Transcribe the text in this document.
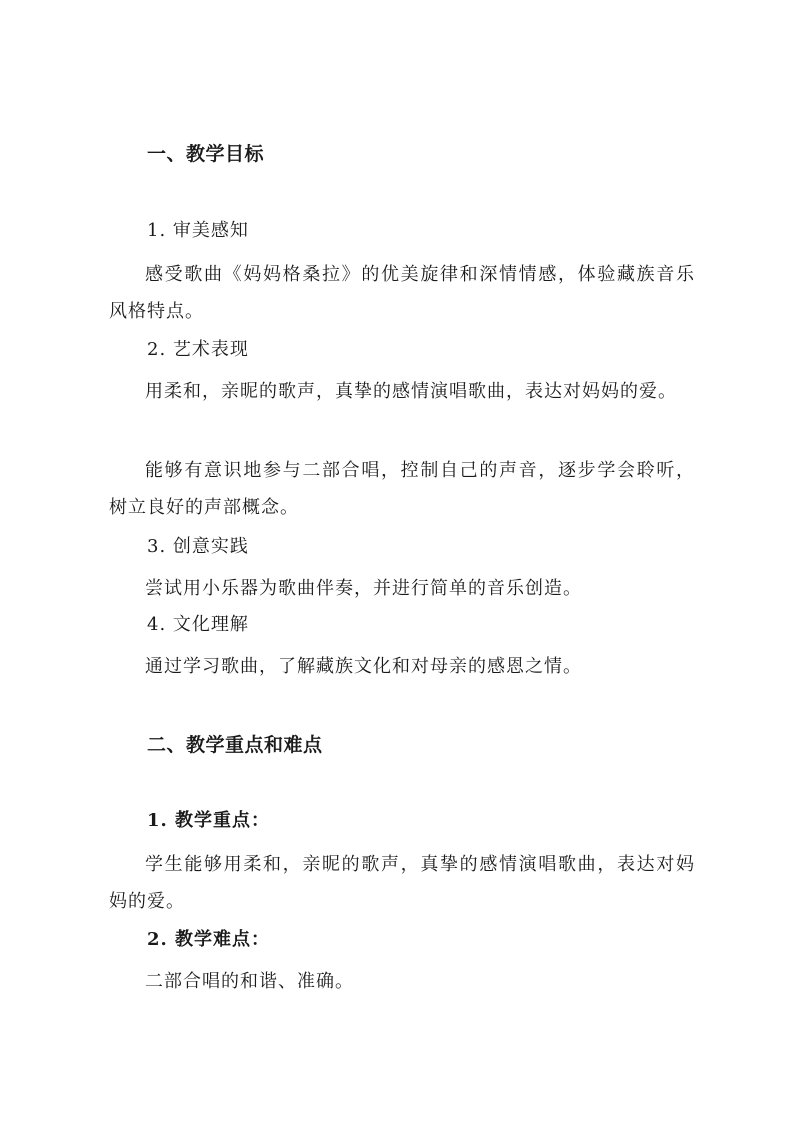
一、教学目标
1. 审美感知
感受歌曲《妈妈格桑拉》的优美旋律和深情情感，体验藏族音乐风格特点。
2. 艺术表现
用柔和，亲昵的歌声，真挚的感情演唱歌曲，表达对妈妈的爱。
能够有意识地参与二部合唱，控制自己的声音，逐步学会聆听，树立良好的声部概念。
3. 创意实践
尝试用小乐器为歌曲伴奏，并进行简单的音乐创造。
4. 文化理解
通过学习歌曲，了解藏族文化和对母亲的感恩之情。
二、教学重点和难点
1. 教学重点：
学生能够用柔和，亲昵的歌声，真挚的感情演唱歌曲，表达对妈妈的爱。
2. 教学难点：
二部合唱的和谐、准确。
